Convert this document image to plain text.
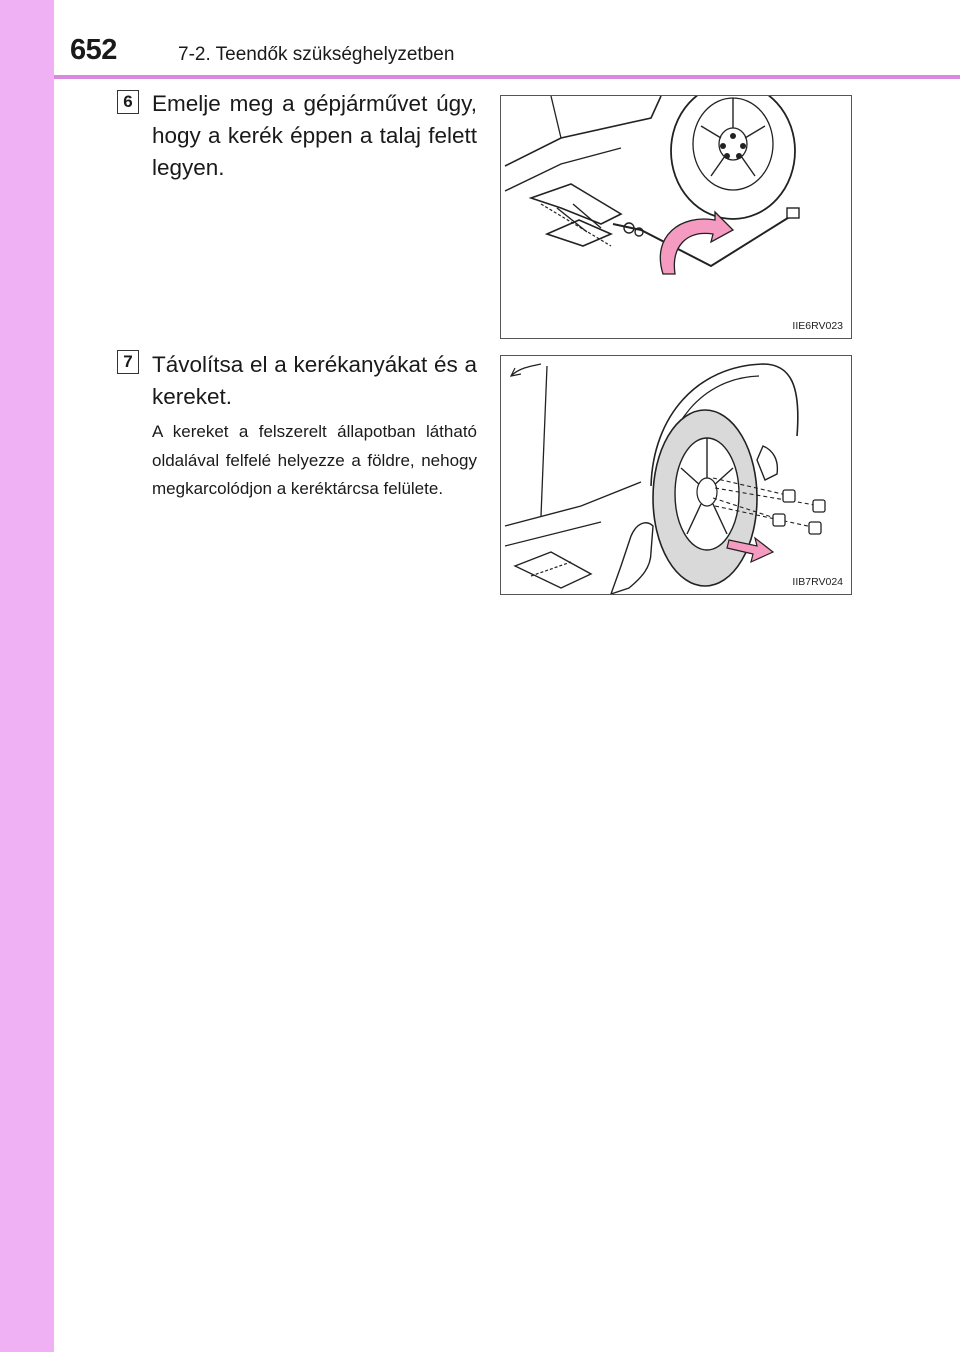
652	7-2. Teendők szükséghelyzetben
6 Emelje meg a gépjárművet úgy, hogy a kerék éppen a talaj felett legyen.
IIE6RV023
7 Távolítsa el a kerékanyákat és a kereket.
A kereket a felszerelt állapotban látható oldalával felfelé helyezze a földre, nehogy megkarcolódjon a keréktárcsa felülete.
IIB7RV024
